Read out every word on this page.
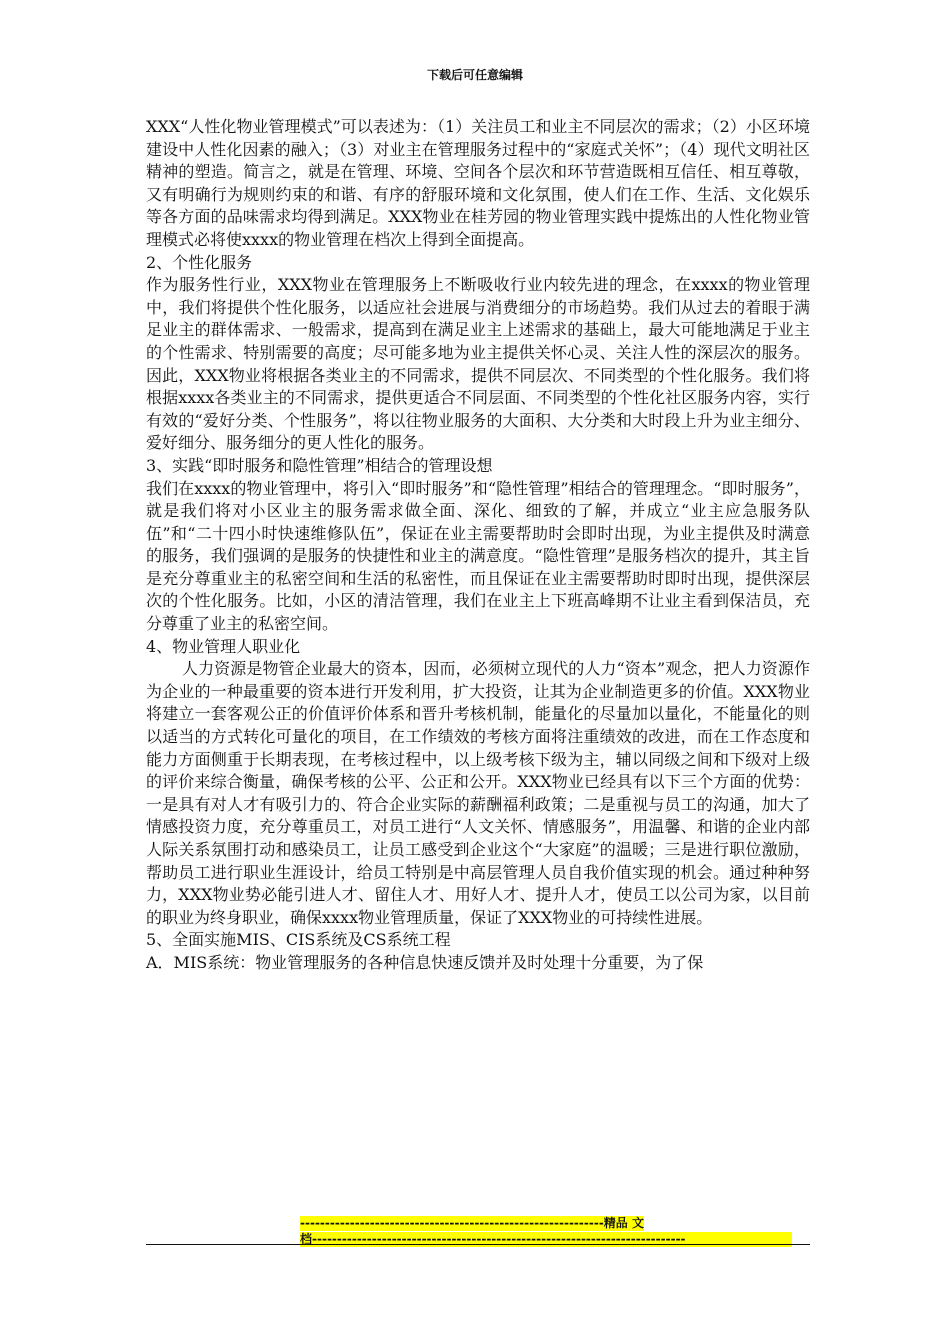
下载后可任意编辑

XXX“人性化物业管理模式”可以表述为：（1）关注员工和业主不同层次的需求；（2）小区环境建设中人性化因素的融入；（3）对业主在管理服务过程中的“家庭式关怀”；（4）现代文明社区精神的塑造。简言之，就是在管理、环境、空间各个层次和环节营造既相互信任、相互尊敬，又有明确行为规则约束的和谐、有序的舒服环境和文化氛围，使人们在工作、生活、文化娱乐等各方面的品味需求均得到满足。XXX物业在桂芳园的物业管理实践中提炼出的人性化物业管理模式必将使xxxx的物业管理在档次上得到全面提高。

2、个性化服务

作为服务性行业，XXX物业在管理服务上不断吸收行业内较先进的理念，在xxxx的物业管理中，我们将提供个性化服务，以适应社会进展与消费细分的市场趋势。我们从过去的着眼于满足业主的群体需求、一般需求，提高到在满足业主上述需求的基础上，最大可能地满足于业主的个性需求、特别需要的高度；尽可能多地为业主提供关怀心灵、关注人性的深层次的服务。因此，XXX物业将根据各类业主的不同需求，提供不同层次、不同类型的个性化服务。我们将根据xxxx各类业主的不同需求，提供更适合不同层面、不同类型的个性化社区服务内容，实行有效的“爱好分类、个性服务”，将以往物业服务的大面积、大分类和大时段上升为业主细分、爱好细分、服务细分的更人性化的服务。

3、实践“即时服务和隐性管理”相结合的管理设想

我们在xxxx的物业管理中，将引入“即时服务”和“隐性管理”相结合的管理理念。“即时服务”，就是我们将对小区业主的服务需求做全面、深化、细致的了解，并成立“业主应急服务队伍”和“二十四小时快速维修队伍”，保证在业主需要帮助时会即时出现，为业主提供及时满意的服务，我们强调的是服务的快捷性和业主的满意度。“隐性管理”是服务档次的提升，其主旨是充分尊重业主的私密空间和生活的私密性，而且保证在业主需要帮助时即时出现，提供深层次的个性化服务。比如，小区的清洁管理，我们在业主上下班高峰期不让业主看到保洁员，充分尊重了业主的私密空间。

4、物业管理人职业化

人力资源是物管企业最大的资本，因而，必须树立现代的人力“资本”观念，把人力资源作为企业的一种最重要的资本进行开发利用，扩大投资，让其为企业制造更多的价值。XXX物业将建立一套客观公正的价值评价体系和晋升考核机制，能量化的尽量加以量化，不能量化的则以适当的方式转化可量化的项目，在工作绩效的考核方面将注重绩效的改进，而在工作态度和能力方面侧重于长期表现，在考核过程中，以上级考核下级为主，辅以同级之间和下级对上级的评价来综合衡量，确保考核的公平、公正和公开。XXX物业已经具有以下三个方面的优势：一是具有对人才有吸引力的、符合企业实际的薪酬福利政策；二是重视与员工的沟通，加大了情感投资力度，充分尊重员工，对员工进行“人文关怀、情感服务”，用温馨、和谐的企业内部人际关系氛围打动和感染员工，让员工感受到企业这个“大家庭”的温暖；三是进行职位激励，帮助员工进行职业生涯设计，给员工特别是中高层管理人员自我价值实现的机会。通过种种努力，XXX物业势必能引进人才、留住人才、用好人才、提升人才，使员工以公司为家，以目前的职业为终身职业，确保xxxx物业管理质量，保证了XXX物业的可持续性进展。

5、全面实施MIS、CIS系统及CS系统工程

A．MIS系统：物业管理服务的各种信息快速反馈并及时处理十分重要，为了保

-------------------------------------------------------------精品 文
档---------------------------------------------------------------------------
